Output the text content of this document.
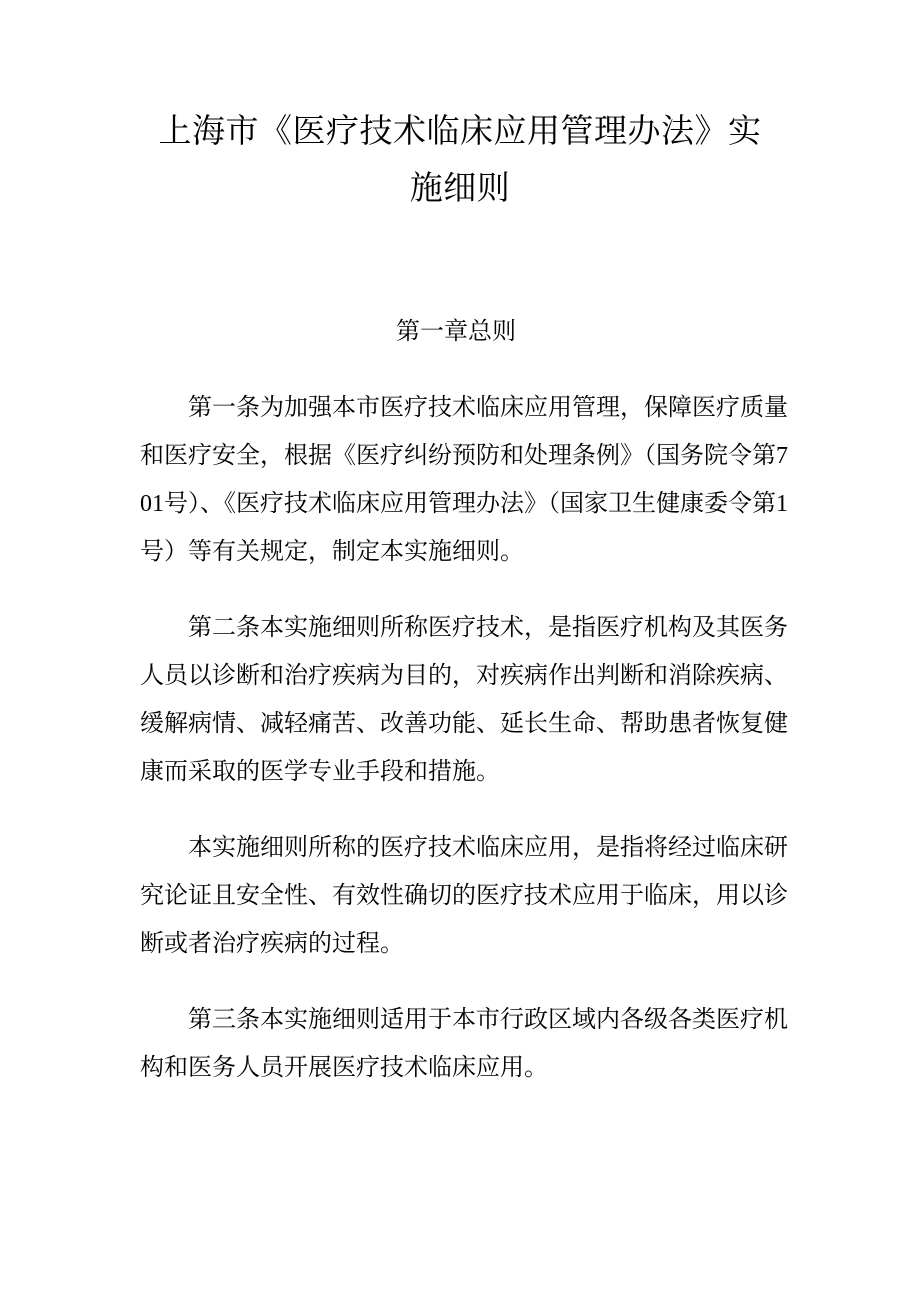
上海市《医疗技术临床应用管理办法》实
施细则
第一章总则

第一条为加强本市医疗技术临床应用管理，保障医疗质量和医疗安全，根据《医疗纠纷预防和处理条例》（国务院令第701号）、《医疗技术临床应用管理办法》（国家卫生健康委令第1号）等有关规定，制定本实施细则。

第二条本实施细则所称医疗技术，是指医疗机构及其医务人员以诊断和治疗疾病为目的，对疾病作出判断和消除疾病、缓解病情、减轻痛苦、改善功能、延长生命、帮助患者恢复健康而采取的医学专业手段和措施。

本实施细则所称的医疗技术临床应用，是指将经过临床研究论证且安全性、有效性确切的医疗技术应用于临床，用以诊断或者治疗疾病的过程。

第三条本实施细则适用于本市行政区域内各级各类医疗机构和医务人员开展医疗技术临床应用。
